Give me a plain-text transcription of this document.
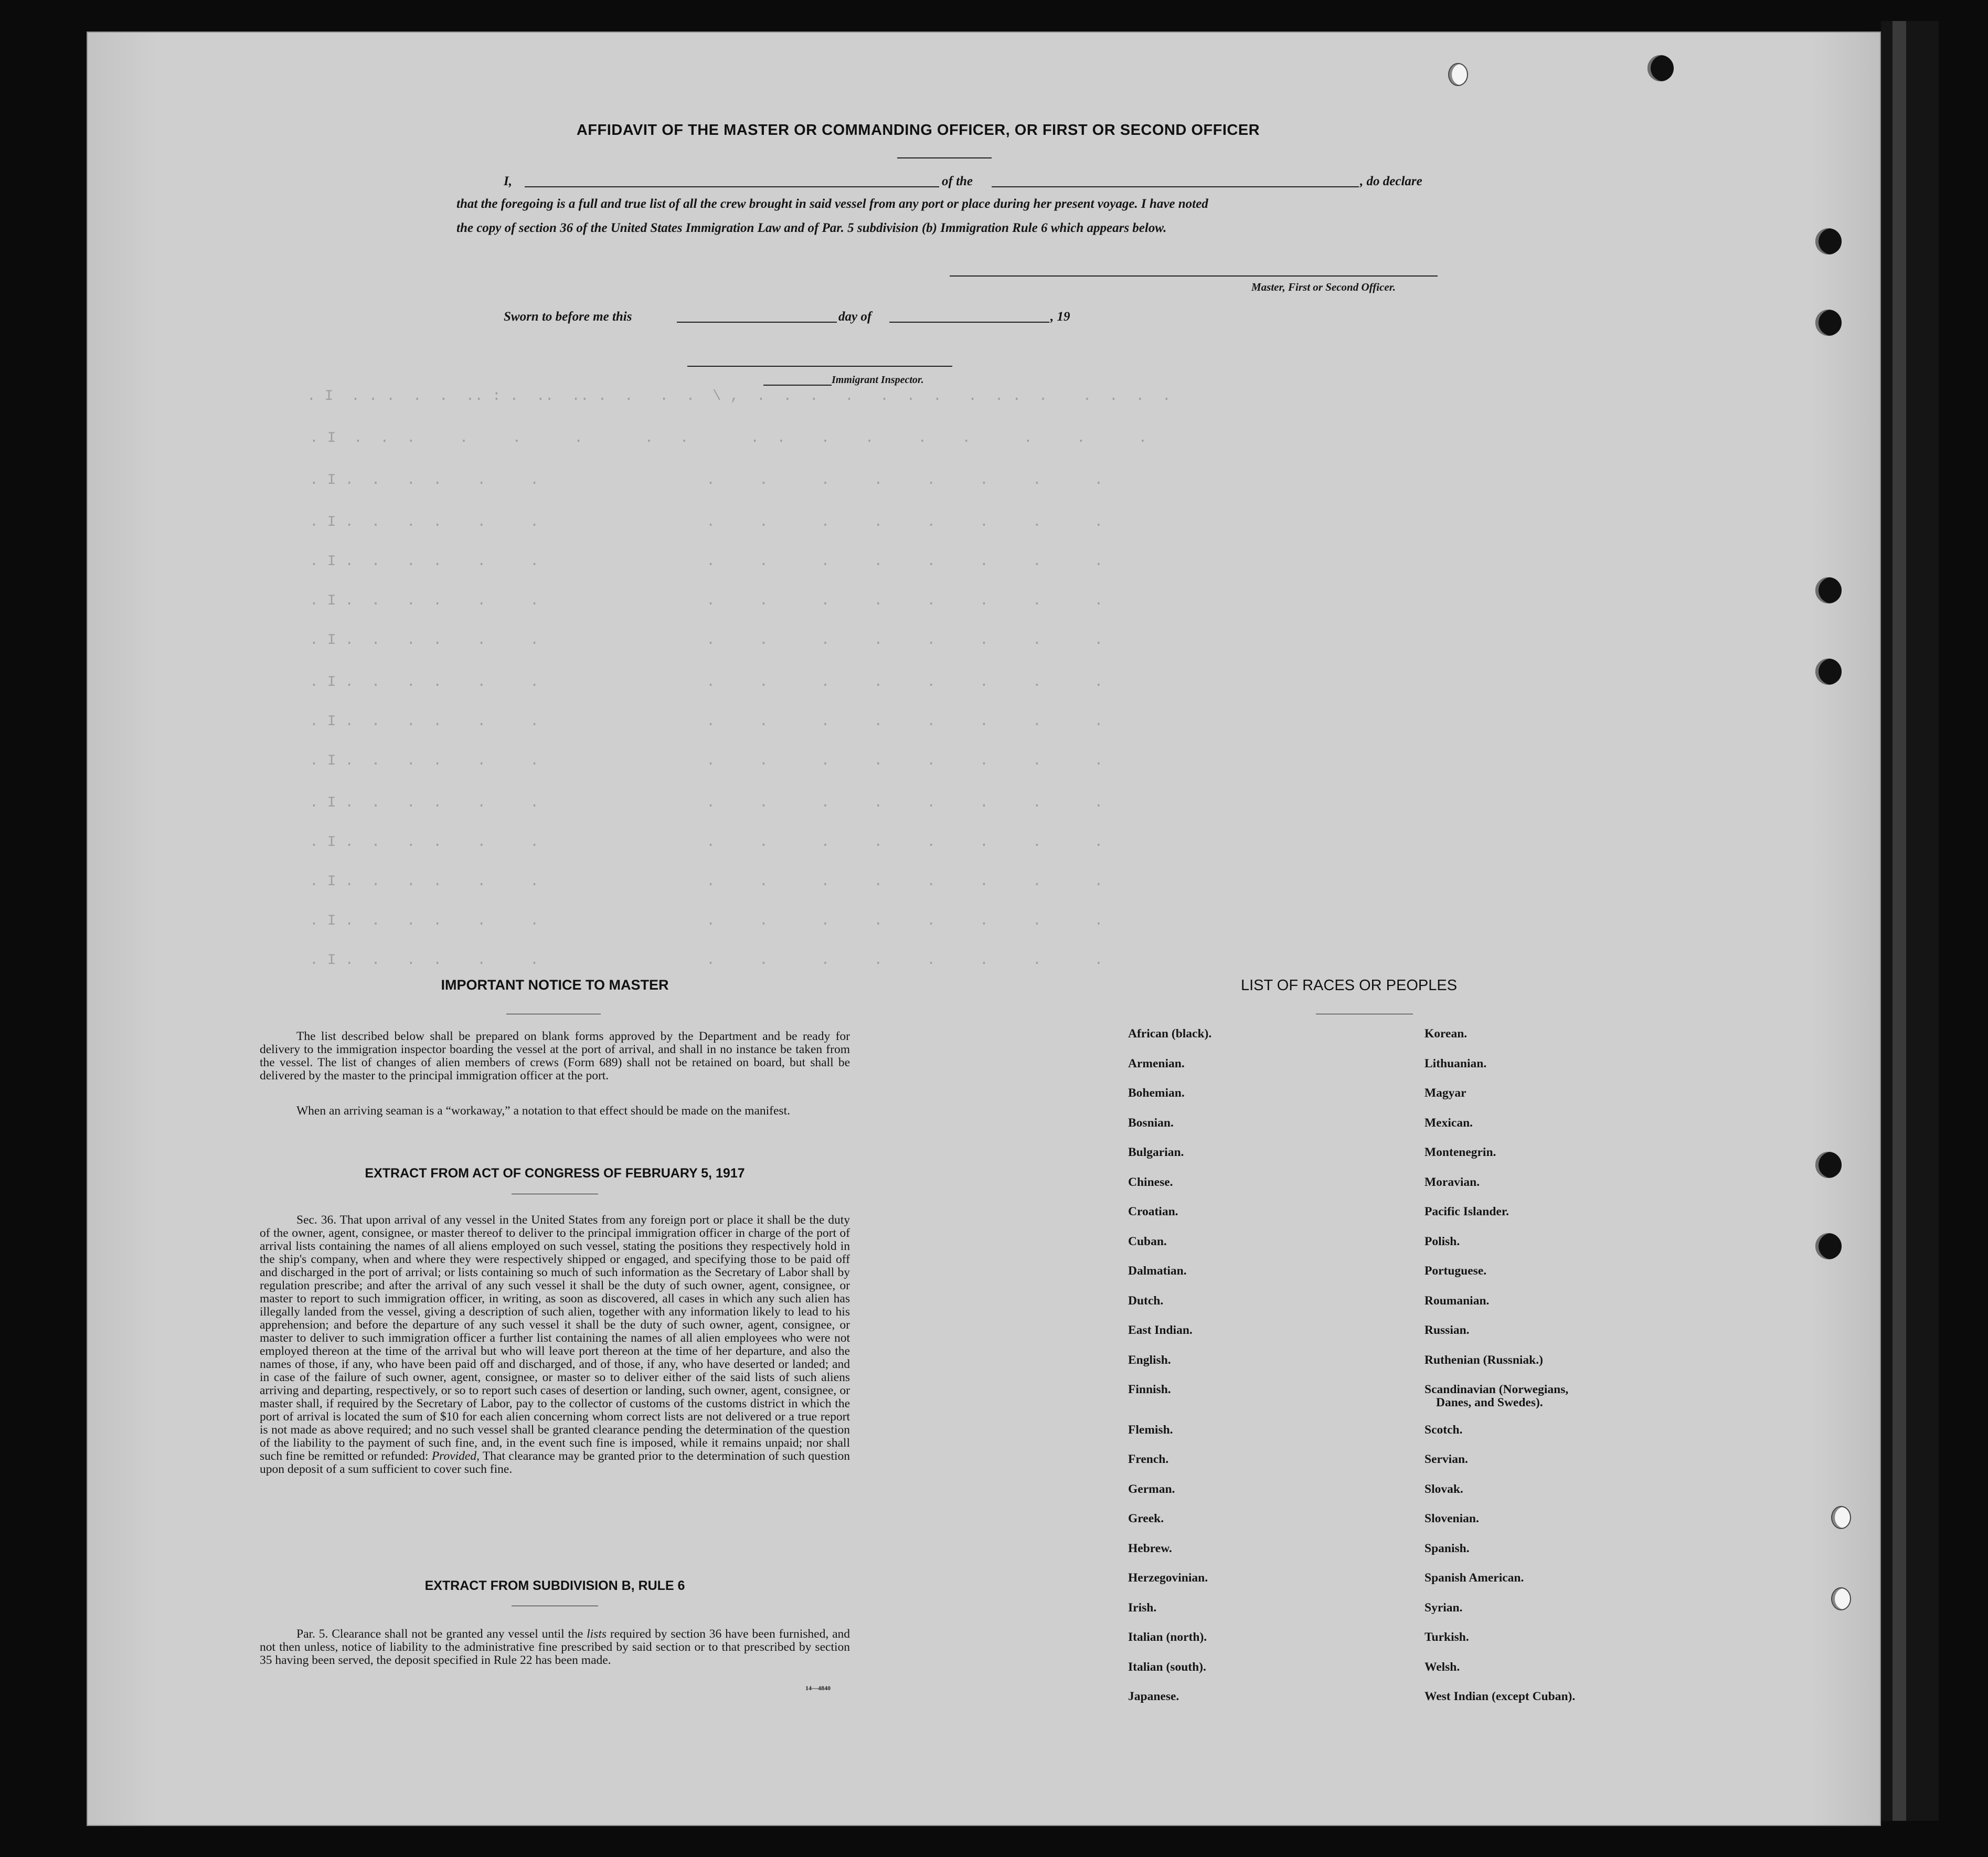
AFFIDAVIT OF THE MASTER OR COMMANDING OFFICER, OR FIRST OR SECOND OFFICER
I,	of the	, do declare
that the foregoing is a full and true list of all the crew brought in said vessel from any port or place during her present voyage. I have noted
the copy of section 36 of the United States Immigration Law and of Par. 5 subdivision (b) Immigration Rule 6 which appears below.
Master, First or Second Officer.
Sworn to before me this	day of	, 19
Immigrant Inspector.
. I  . . .  .  .  .. : .  ..  .. .  .   .  .  \ ,  .  .  .   .   .  .  .   .  . .  .    .  .  .  .
. I  .  .  .     .     .      .       .   .       .  .    .    .     .    .      .     .      .
. I .  .   .  .    .     .                   .     .      .     .     .     .     .      .
. I .  .   .  .    .     .                   .     .      .     .     .     .     .      .
. I .  .   .  .    .     .                   .     .      .     .     .     .     .      .
. I .  .   .  .    .     .                   .     .      .     .     .     .     .      .
. I .  .   .  .    .     .                   .     .      .     .     .     .     .      .
. I .  .   .  .    .     .                   .     .      .     .     .     .     .      .
. I .  .   .  .    .     .                   .     .      .     .     .     .     .      .
. I .  .   .  .    .     .                   .     .      .     .     .     .     .      .
. I .  .   .  .    .     .                   .     .      .     .     .     .     .      .
. I .  .   .  .    .     .                   .     .      .     .     .     .     .      .
. I .  .   .  .    .     .                   .     .      .     .     .     .     .      .
. I .  .   .  .    .     .                   .     .      .     .     .     .     .      .
. I .  .   .  .    .     .                   .     .      .     .     .     .     .      .
IMPORTANT NOTICE TO MASTER

The list described below shall be prepared on blank forms approved by the Department and be ready for delivery to the immigration inspector boarding the vessel at the port of arrival, and shall in no instance be taken from the vessel. The list of changes of alien members of crews (Form 689) shall not be retained on board, but shall be delivered by the master to the principal immigration officer at the port.

When an arriving seaman is a “workaway,” a notation to that effect should be made on the manifest.

EXTRACT FROM ACT OF CONGRESS OF FEBRUARY 5, 1917

Sec. 36. That upon arrival of any vessel in the United States from any foreign port or place it shall be the duty of the owner, agent, consignee, or master thereof to deliver to the principal immigration officer in charge of the port of arrival lists containing the names of all aliens employed on such vessel, stating the positions they respectively hold in the ship's company, when and where they were respectively shipped or engaged, and specifying those to be paid off and discharged in the port of arrival; or lists containing so much of such information as the Secretary of Labor shall by regulation prescribe; and after the arrival of any such vessel it shall be the duty of such owner, agent, consignee, or master to report to such immigration officer, in writing, as soon as discovered, all cases in which any such alien has illegally landed from the vessel, giving a description of such alien, together with any information likely to lead to his apprehension; and before the departure of any such vessel it shall be the duty of such owner, agent, consignee, or master to deliver to such immigration officer a further list containing the names of all alien employees who were not employed thereon at the time of the arrival but who will leave port thereon at the time of her departure, and also the names of those, if any, who have been paid off and discharged, and of those, if any, who have deserted or landed; and in case of the failure of such owner, agent, consignee, or master so to deliver either of the said lists of such aliens arriving and departing, respectively, or so to report such cases of desertion or landing, such owner, agent, consignee, or master shall, if required by the Secretary of Labor, pay to the collector of customs of the customs district in which the port of arrival is located the sum of $10 for each alien concerning whom correct lists are not delivered or a true report is not made as above required; and no such vessel shall be granted clearance pending the determination of the question of the liability to the payment of such fine, and, in the event such fine is imposed, while it remains unpaid; nor shall such fine be remitted or refunded: Provided, That clearance may be granted prior to the determination of such question upon deposit of a sum sufficient to cover such fine.

EXTRACT FROM SUBDIVISION B, RULE 6

Par. 5. Clearance shall not be granted any vessel until the lists required by section 36 have been furnished, and not then unless, notice of liability to the administrative fine prescribed by said section or to that prescribed by section 35 having been served, the deposit specified in Rule 22 has been made.

14—4840
LIST OF RACES OR PEOPLES
African (black).
Armenian.
Bohemian.
Bosnian.
Bulgarian.
Chinese.
Croatian.
Cuban.
Dalmatian.
Dutch.
East Indian.
English.
Finnish.
Flemish.
French.
German.
Greek.
Hebrew.
Herzegovinian.
Irish.
Italian (north).
Italian (south).
Japanese.
Korean.
Lithuanian.
Magyar
Mexican.
Montenegrin.
Moravian.
Pacific Islander.
Polish.
Portuguese.
Roumanian.
Russian.
Ruthenian (Russniak.)
Scandinavian (Norwegians,
Danes, and Swedes).
Scotch.
Servian.
Slovak.
Slovenian.
Spanish.
Spanish American.
Syrian.
Turkish.
Welsh.
West Indian (except Cuban).
